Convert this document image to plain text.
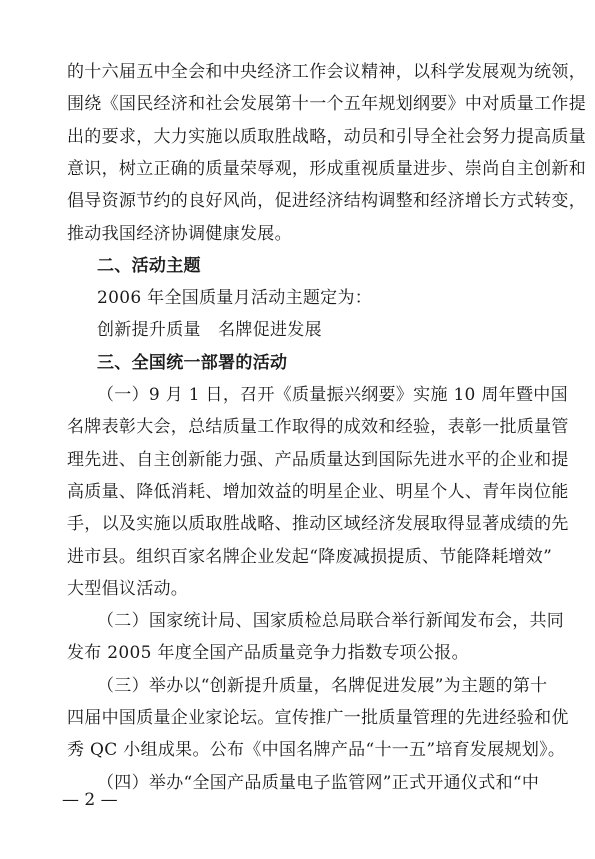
的十六届五中全会和中央经济工作会议精神，以科学发展观为统领，
围绕《国民经济和社会发展第十一个五年规划纲要》中对质量工作提
出的要求，大力实施以质取胜战略，动员和引导全社会努力提高质量
意识，树立正确的质量荣辱观，形成重视质量进步、崇尚自主创新和
倡导资源节约的良好风尚，促进经济结构调整和经济增长方式转变，
推动我国经济协调健康发展。
二、活动主题
2006 年全国质量月活动主题定为：
创新提升质量　名牌促进发展
三、全国统一部署的活动
（一）9 月 1 日，召开《质量振兴纲要》实施 10 周年暨中国
名牌表彰大会，总结质量工作取得的成效和经验，表彰一批质量管
理先进、自主创新能力强、产品质量达到国际先进水平的企业和提
高质量、降低消耗、增加效益的明星企业、明星个人、青年岗位能
手，以及实施以质取胜战略、推动区域经济发展取得显著成绩的先
进市县。组织百家名牌企业发起“降废减损提质、节能降耗增效”
大型倡议活动。
（二）国家统计局、国家质检总局联合举行新闻发布会，共同
发布 2005 年度全国产品质量竞争力指数专项公报。
（三）举办以“创新提升质量，名牌促进发展”为主题的第十
四届中国质量企业家论坛。宣传推广一批质量管理的先进经验和优
秀 QC 小组成果。公布《中国名牌产品“十一五”培育发展规划》。
— 2 —
（四）举办“全国产品质量电子监管网”正式开通仪式和“中
